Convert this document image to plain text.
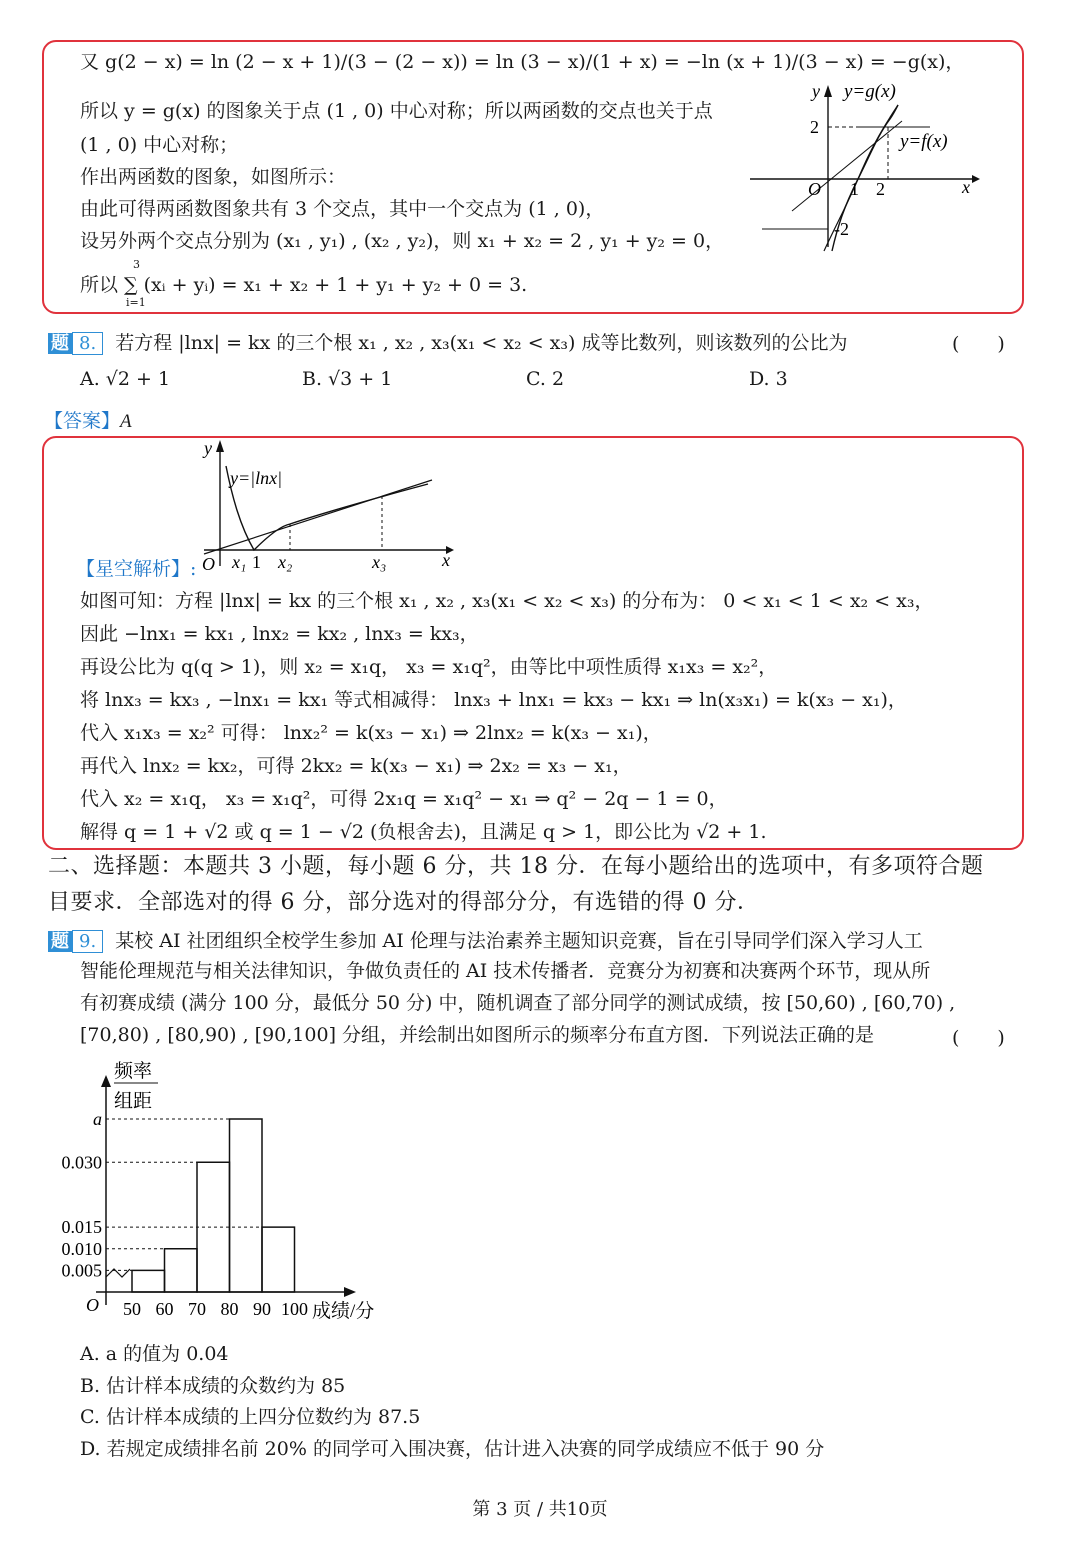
又 g(2 − x) = ln (2 − x + 1)/(3 − (2 − x)) = ln (3 − x)/(1 + x) = −ln (x + 1)/(3 − x) = −g(x)，
所以 y = g(x) 的图象关于点 (1 , 0) 中心对称；所以两函数的交点也关于点
(1 , 0) 中心对称；
作出两函数的图象，如图所示：
由此可得两函数图象共有 3 个交点，其中一个交点为 (1 , 0)，
设另外两个交点分别为 (x₁ , y₁) , (x₂ , y₂)，则 x₁ + x₂ = 2 , y₁ + y₂ = 0，
所以 ∑ (xᵢ + yᵢ) = x₁ + x₂ + 1 + y₁ + y₂ + 0 = 3.
3
i=1
y y=g(x)
y=f(x)
x
O
2
-2
1 2
题 8. 若方程 |lnx| = kx 的三个根 x₁ , x₂ , x₃(x₁ < x₂ < x₃) 成等比数列，则该数列的公比为	(　　)
A. √2 + 1	B. √3 + 1	C. 2	D. 3
【答案】A
y
y=|lnx|
O x₁ 1 x₂	x₃	x
【星空解析】:
如图可知：方程 |lnx| = kx 的三个根 x₁ , x₂ , x₃(x₁ < x₂ < x₃) 的分布为： 0 < x₁ < 1 < x₂ < x₃，
因此 −lnx₁ = kx₁ , lnx₂ = kx₂ , lnx₃ = kx₃，
再设公比为 q(q > 1)，则 x₂ = x₁q， x₃ = x₁q²，由等比中项性质得 x₁x₃ = x₂²，
将 lnx₃ = kx₃ , −lnx₁ = kx₁ 等式相减得： lnx₃ + lnx₁ = kx₃ − kx₁ ⇒ ln(x₃x₁) = k(x₃ − x₁)，
代入 x₁x₃ = x₂² 可得： lnx₂² = k(x₃ − x₁) ⇒ 2lnx₂ = k(x₃ − x₁)，
再代入 lnx₂ = kx₂，可得 2kx₂ = k(x₃ − x₁) ⇒ 2x₂ = x₃ − x₁，
代入 x₂ = x₁q， x₃ = x₁q²，可得 2x₁q = x₁q² − x₁ ⇒ q² − 2q − 1 = 0，
解得 q = 1 + √2 或 q = 1 − √2 (负根舍去)，且满足 q > 1，即公比为 √2 + 1.
二、选择题：本题共 3 小题，每小题 6 分，共 18 分．在每小题给出的选项中，有多项符合题
目要求．全部选对的得 6 分，部分选对的得部分分，有选错的得 0 分．
题 9. 某校 AI 社团组织全校学生参加 AI 伦理与法治素养主题知识竞赛，旨在引导同学们深入学习人工
智能伦理规范与相关法律知识，争做负责任的 AI 技术传播者．竞赛分为初赛和决赛两个环节，现从所
有初赛成绩 (满分 100 分，最低分 50 分) 中，随机调查了部分同学的测试成绩，按 [50,60) , [60,70) ,
[70,80) , [80,90) , [90,100] 分组，并绘制出如图所示的频率分布直方图．下列说法正确的是	(　　)
0.005
0.010
0.015
0.030
a
50 60 70 80 90 100
频率
组距
O	成绩/分
A. a 的值为 0.04
B. 估计样本成绩的众数约为 85
C. 估计样本成绩的上四分位数约为 87.5
D. 若规定成绩排名前 20% 的同学可入围决赛，估计进入决赛的同学成绩应不低于 90 分
第 3 页 / 共10页
